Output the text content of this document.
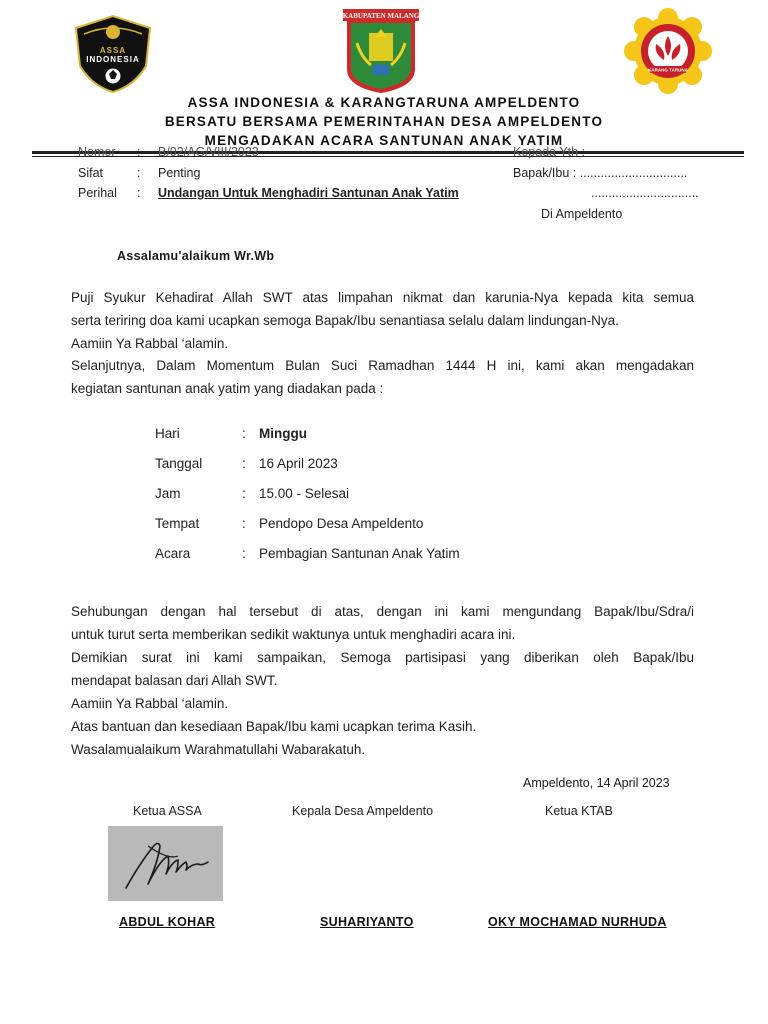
ASSA
INDONESIA
KABUPATEN MALANG
KARANG TARUNA
ASSA INDONESIA & KARANGTARUNA AMPELDENTO
BERSATU BERSAMA PEMERINTAHAN DESA AMPELDENTO
MENGADAKAN ACARA SANTUNAN ANAK YATIM
Nomor : B/02/AG/VIII/2023
Sifat	: Penting
Perihal : Undangan Untuk Menghadiri Santunan Anak Yatim
Kepada Yth :
Bapak/Ibu : ...............................
...............................
Di Ampeldento
Assalamu'alaikum Wr.Wb
Puji Syukur Kehadirat Allah SWT atas limpahan nikmat dan karunia-Nya kepada kita semua
serta teriring doa kami ucapkan semoga Bapak/Ibu senantiasa selalu dalam lindungan-Nya.
Aamiin Ya Rabbal ‘alamin.
Selanjutnya, Dalam Momentum Bulan Suci Ramadhan 1444 H ini, kami akan mengadakan
kegiatan santunan anak yatim yang diadakan pada :
Hari	: Minggu
Tanggal	: 16 April 2023
Jam	: 15.00 - Selesai
Tempat	: Pendopo Desa Ampeldento
Acara	: Pembagian Santunan Anak Yatim
Sehubungan dengan hal tersebut di atas, dengan ini kami mengundang Bapak/Ibu/Sdra/i
untuk turut serta memberikan sedikit waktunya untuk menghadiri acara ini.
Demikian surat ini kami sampaikan, Semoga partisipasi yang diberikan oleh Bapak/Ibu
mendapat balasan dari Allah SWT.
Aamiin Ya Rabbal ‘alamin.
Atas bantuan dan kesediaan Bapak/Ibu kami ucapkan terima Kasih.
Wasalamualaikum Warahmatullahi Wabarakatuh.
Ampeldento, 14 April 2023
Ketua ASSA	Kepala Desa Ampeldento	Ketua KTAB
ABDUL KOHAR	SUHARIYANTO	OKY MOCHAMAD NURHUDA
